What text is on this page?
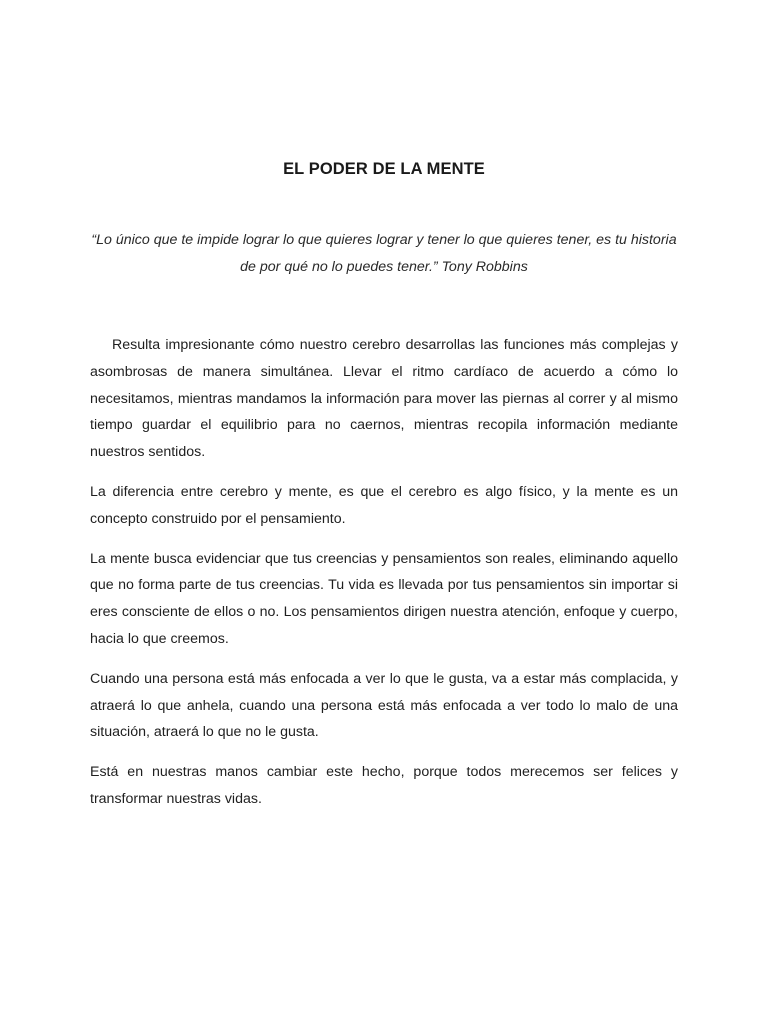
EL PODER DE LA MENTE
“Lo único que te impide lograr lo que quieres lograr y tener lo que quieres tener, es tu historia de por qué no lo puedes tener.” Tony Robbins

Resulta impresionante cómo nuestro cerebro desarrollas las funciones más complejas y asombrosas de manera simultánea. Llevar el ritmo cardíaco de acuerdo a cómo lo necesitamos, mientras mandamos la información para mover las piernas al correr y al mismo tiempo guardar el equilibrio para no caernos, mientras recopila información mediante nuestros sentidos.

La diferencia entre cerebro y mente, es que el cerebro es algo físico, y la mente es un concepto construido por el pensamiento.

La mente busca evidenciar que tus creencias y pensamientos son reales, eliminando aquello que no forma parte de tus creencias. Tu vida es llevada por tus pensamientos sin importar si eres consciente de ellos o no. Los pensamientos dirigen nuestra atención, enfoque y cuerpo, hacia lo que creemos.

Cuando una persona está más enfocada a ver lo que le gusta, va a estar más complacida, y atraerá lo que anhela, cuando una persona está más enfocada a ver todo lo malo de una situación, atraerá lo que no le gusta.

Está en nuestras manos cambiar este hecho, porque todos merecemos ser felices y transformar nuestras vidas.
